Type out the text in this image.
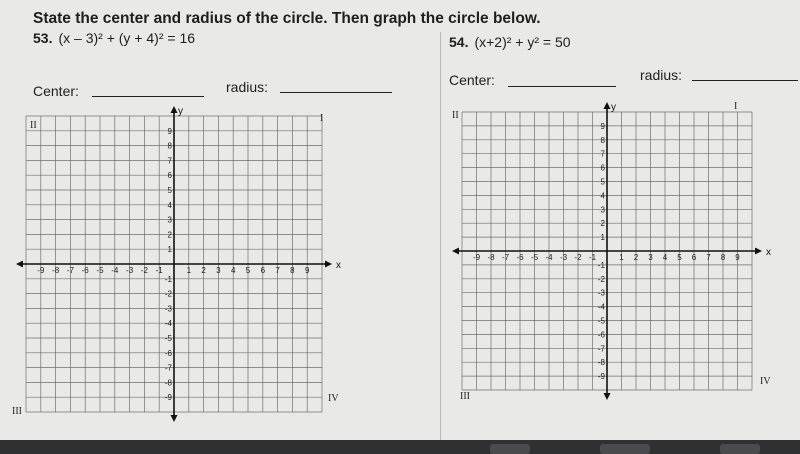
State the center and radius of the circle. Then graph the circle below.
53. (x – 3)² + (y + 4)² = 16
Center:	radius:
54. (x+2)² + y² = 50
Center:	radius:
x
y
-9 -8 -7 -6 -5 -4 -3 -2 -1	1 2 3 4 5 6 7 8 9
9
8
7
6
5
4
3
2
1
-1
-2
-3
-4
-5
-6
-7
-8
-9
II
I
III
IV
x
y
-9 -8 -7 -6 -5 -4 -3 -2 -1	1 2 3 4 5 6 7 8 9
9
8
7
6
5
4
3
2
1
-1
-2
-3
-4
-5
-6
-7
-8
-9
II
I
III
IV
